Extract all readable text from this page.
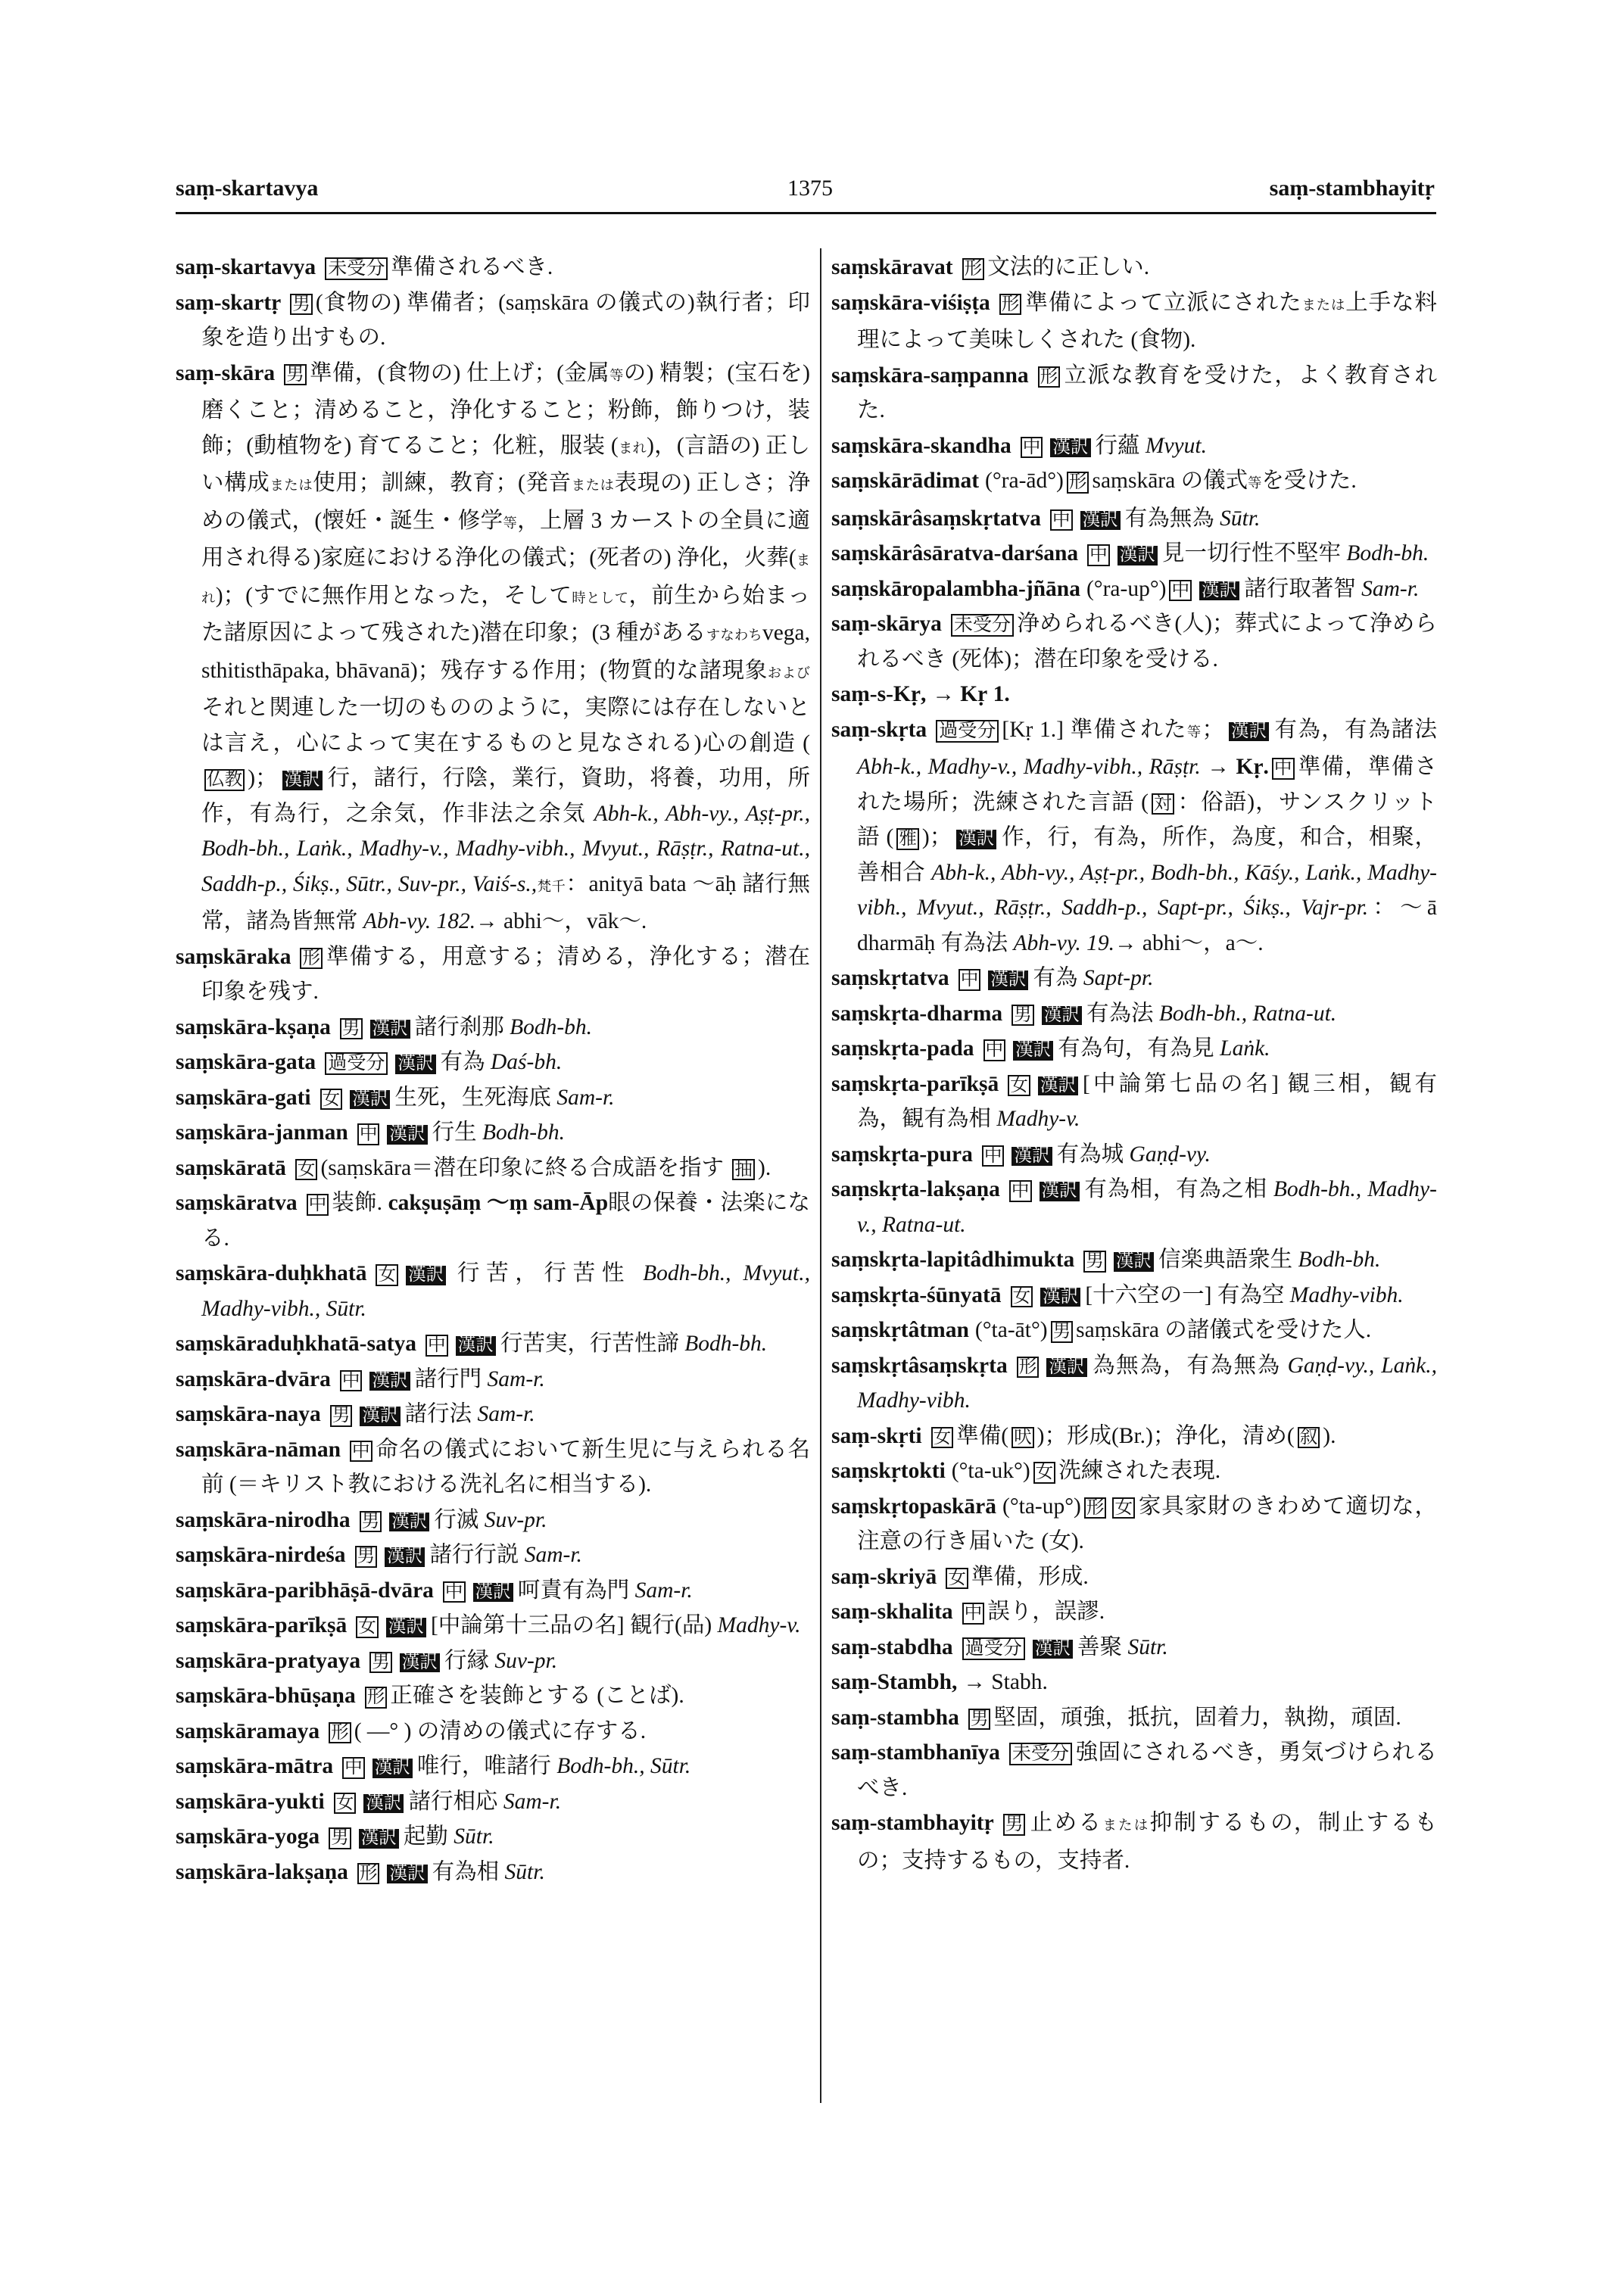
saṃ-skartavya	1375	saṃ-stambhayitṛ
saṃ-skartavya 未受分 準備されるべき.
saṃ-skartṛ 男 (食物の) 準備者；(saṃskāra の儀式の)執行者；印象を造り出すもの.
saṃ-skāra 男 準備，(食物の) 仕上げ；(金属等の) 精製；(宝石を) 磨くこと；清めること，浄化すること；粉飾，飾りつけ，装飾；(動植物を) 育てること；化粧，服装 (まれ)，(言語の) 正しい構成または使用；訓練，教育；(発音または表現の) 正しさ；浄めの儀式，(懐妊・誕生・修学等，上層 3 カーストの全員に適用され得る)家庭における浄化の儀式；(死者の) 浄化，火葬(まれ)；(すでに無作用となった，そして時として，前生から始まった諸原因によって残された)潜在印象；(3 種があるすなわちvega, sthitisthāpaka, bhāvanā)；残存する作用；(物質的な諸現象およびそれと関連した一切のもののように，実際には存在しないとは言え，心によって実在するものと見なされる)心の創造 (仏教 )； 漢訳 行，諸行，行陰，業行，資助，将養，功用，所作，有為行，之余気，作非法之余気 Abh-k., Abh-vy., Aṣṭ-pr., Bodh-bh., Laṅk., Madhy-v., Madhy-vibh., Mvyut., Rāṣṭr., Ratna-ut., Saddh-p., Śikṣ., Sūtr., Suv-pr., Vaiś-s.,梵千：anityā bata ～āḥ 諸行無常，諸為皆無常 Abh-vy. 182.→ abhi～，vāk～.
saṃskāraka 形 準備する，用意する；清める，浄化する；潜在印象を残す.
saṃskāra-kṣaṇa 男 漢訳 諸行刹那 Bodh-bh.
saṃskāra-gata 過受分 漢訳 有為 Daś-bh.
saṃskāra-gati 女 漢訳 生死，生死海底 Sam-r.
saṃskāra-janman 中 漢訳 行生 Bodh-bh.
saṃskāratā 女 (saṃskāra＝潜在印象に終る合成語を指す 抽 ).
saṃskāratva 中 装飾. cakṣuṣāṃ ～ṃ sam-Āp眼の保養・法楽になる.
saṃskāra-duḥkhatā 女 漢訳 行苦，行苦性 Bodh-bh., Mvyut., Madhy-vibh., Sūtr.
saṃskāraduḥkhatā-satya 中 漢訳 行苦実，行苦性諦 Bodh-bh.
saṃskāra-dvāra 中 漢訳 諸行門 Sam-r.
saṃskāra-naya 男 漢訳 諸行法 Sam-r.
saṃskāra-nāman 中 命名の儀式において新生児に与えられる名前 (＝キリスト教における洗礼名に相当する).
saṃskāra-nirodha 男 漢訳 行滅 Suv-pr.
saṃskāra-nirdeśa 男 漢訳 諸行行説 Sam-r.
saṃskāra-paribhāṣā-dvāra 中 漢訳 呵責有為門 Sam-r.
saṃskāra-parīkṣā 女 漢訳 [中論第十三品の名] 観行(品) Madhy-v.
saṃskāra-pratyaya 男 漢訳 行縁 Suv-pr.
saṃskāra-bhūṣaṇa 形 正確さを装飾とする (ことば).
saṃskāramaya 形 ( ―° ) の清めの儀式に存する.
saṃskāra-mātra 中 漢訳 唯行，唯諸行 Bodh-bh., Sūtr.
saṃskāra-yukti 女 漢訳 諸行相応 Sam-r.
saṃskāra-yoga 男 漢訳 起勤 Sūtr.
saṃskāra-lakṣaṇa 形 漢訳 有為相 Sūtr.
saṃskāravat 形 文法的に正しい.
saṃskāra-viśiṣṭa 形 準備によって立派にされたまたは上手な料理によって美味しくされた (食物).
saṃskāra-saṃpanna 形 立派な教育を受けた，よく教育された.
saṃskāra-skandha 中 漢訳 行蘊 Mvyut.
saṃskārādimat (°ra-ād°) 形 saṃskāra の儀式等を受けた.
saṃskārâsaṃskṛtatva 中 漢訳 有為無為 Sūtr.
saṃskārâsāratva-darśana 中 漢訳 見一切行性不堅牢 Bodh-bh.
saṃskāropalambha-jñāna (°ra-up°) 中 漢訳 諸行取著智 Sam-r.
saṃ-skārya 未受分 浄められるべき(人)；葬式によって浄められるべき (死体)；潜在印象を受ける.
saṃ-s-Kṛ, → Kṛ 1.
saṃ-skṛta 過受分 [Kṛ 1.] 準備された等； 漢訳 有為，有為諸法 Abh-k., Madhy-v., Madhy-vibh., Rāṣṭr. → Kṛ. 中 準備，準備された場所；洗練された言語 ( 対 ：俗語)，サンスクリット語 ( 雅 )； 漢訳 作，行，有為，所作，為度，和合，相聚，善相合 Abh-k., Abh-vy., Aṣṭ-pr., Bodh-bh., Kāśy., Laṅk., Madhy-vibh., Mvyut., Rāṣṭr., Saddh-p., Sapt-pr., Śikṣ., Vajr-pr.：～ā dharmāḥ 有為法 Abh-vy. 19.→ abhi～，a～.
saṃskṛtatva 中 漢訳 有為 Sapt-pr.
saṃskṛta-dharma 男 漢訳 有為法 Bodh-bh., Ratna-ut.
saṃskṛta-pada 中 漢訳 有為句，有為見 Laṅk.
saṃskṛta-parīkṣā 女 漢訳 [中論第七品の名] 観三相，観有為，観有為相 Madhy-v.
saṃskṛta-pura 中 漢訳 有為城 Gaṇḍ-vy.
saṃskṛta-lakṣaṇa 中 漢訳 有為相，有為之相 Bodh-bh., Madhy-v., Ratna-ut.
saṃskṛta-lapitâdhimukta 男 漢訳 信楽典語衆生 Bodh-bh.
saṃskṛta-śūnyatā 女 漢訳 [十六空の一] 有為空 Madhy-vibh.
saṃskṛtâtman (°ta-āt°) 男 saṃskāra の諸儀式を受けた人.
saṃskṛtâsaṃskṛta 形 漢訳 為無為，有為無為 Gaṇḍ-vy., Laṅk., Madhy-vibh.
saṃ-skṛti 女 準備( 吠 )；形成(Br.)；浄化，清め( 叙 ).
saṃskṛtokti (°ta-uk°) 女 洗練された表現.
saṃskṛtopaskārā (°ta-up°) 形 女 家具家財のきわめて適切な，注意の行き届いた (女).
saṃ-skriyā 女 準備，形成.
saṃ-skhalita 中 誤り，誤謬.
saṃ-stabdha 過受分 漢訳 善聚 Sūtr.
saṃ-Stambh, → Stabh.
saṃ-stambha 男 堅固，頑強，抵抗，固着力，執拗，頑固.
saṃ-stambhanīya 未受分 強固にされるべき，勇気づけられるべき.
saṃ-stambhayitṛ 男 止めるまたは抑制するもの，制止するもの；支持するもの，支持者.
